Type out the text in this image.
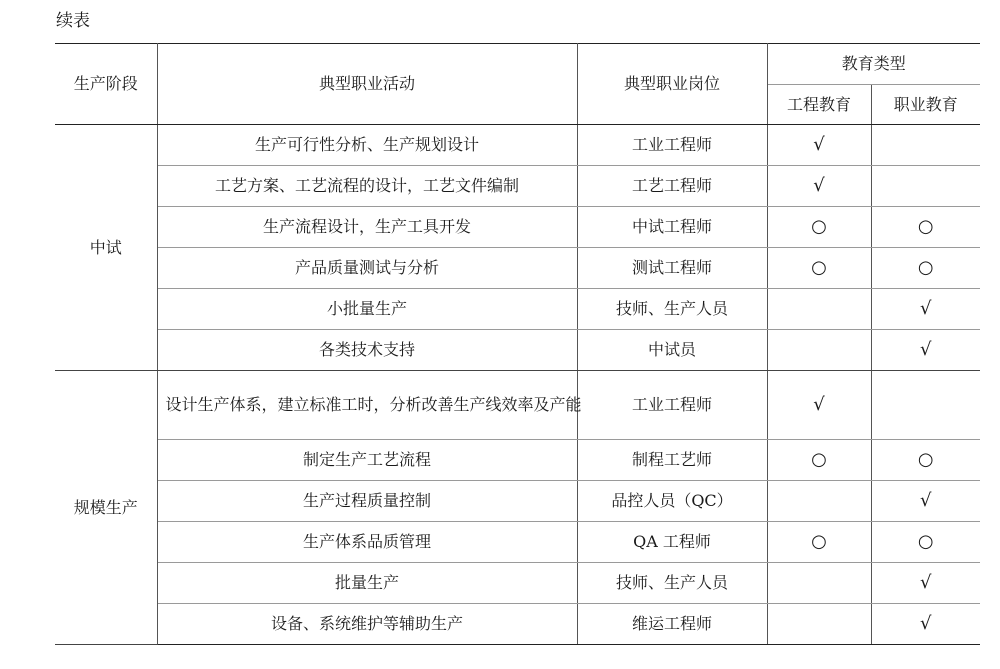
续表
生产阶段	典型职业活动	典型职业岗位	教育类型	
			工程教育	职业教育
中试	生产可行性分析、生产规划设计	工业工程师	√	
	工艺方案、工艺流程的设计，工艺文件编制	工艺工程师	√	
	生产流程设计，生产工具开发	中试工程师	○	○
	产品质量测试与分析	测试工程师	○	○
	小批量生产	技师、生产人员		√
	各类技术支持	中试员		√
规模生产	设计生产体系，建立标准工时，分析改善生产线效率及产能	工业工程师	√	
	制定生产工艺流程	制程工艺师	○	○
	生产过程质量控制	品控人员（QC）		√
	生产体系品质管理	QA 工程师	○	○
	批量生产	技师、生产人员		√
	设备、系统维护等辅助生产	维运工程师		√
